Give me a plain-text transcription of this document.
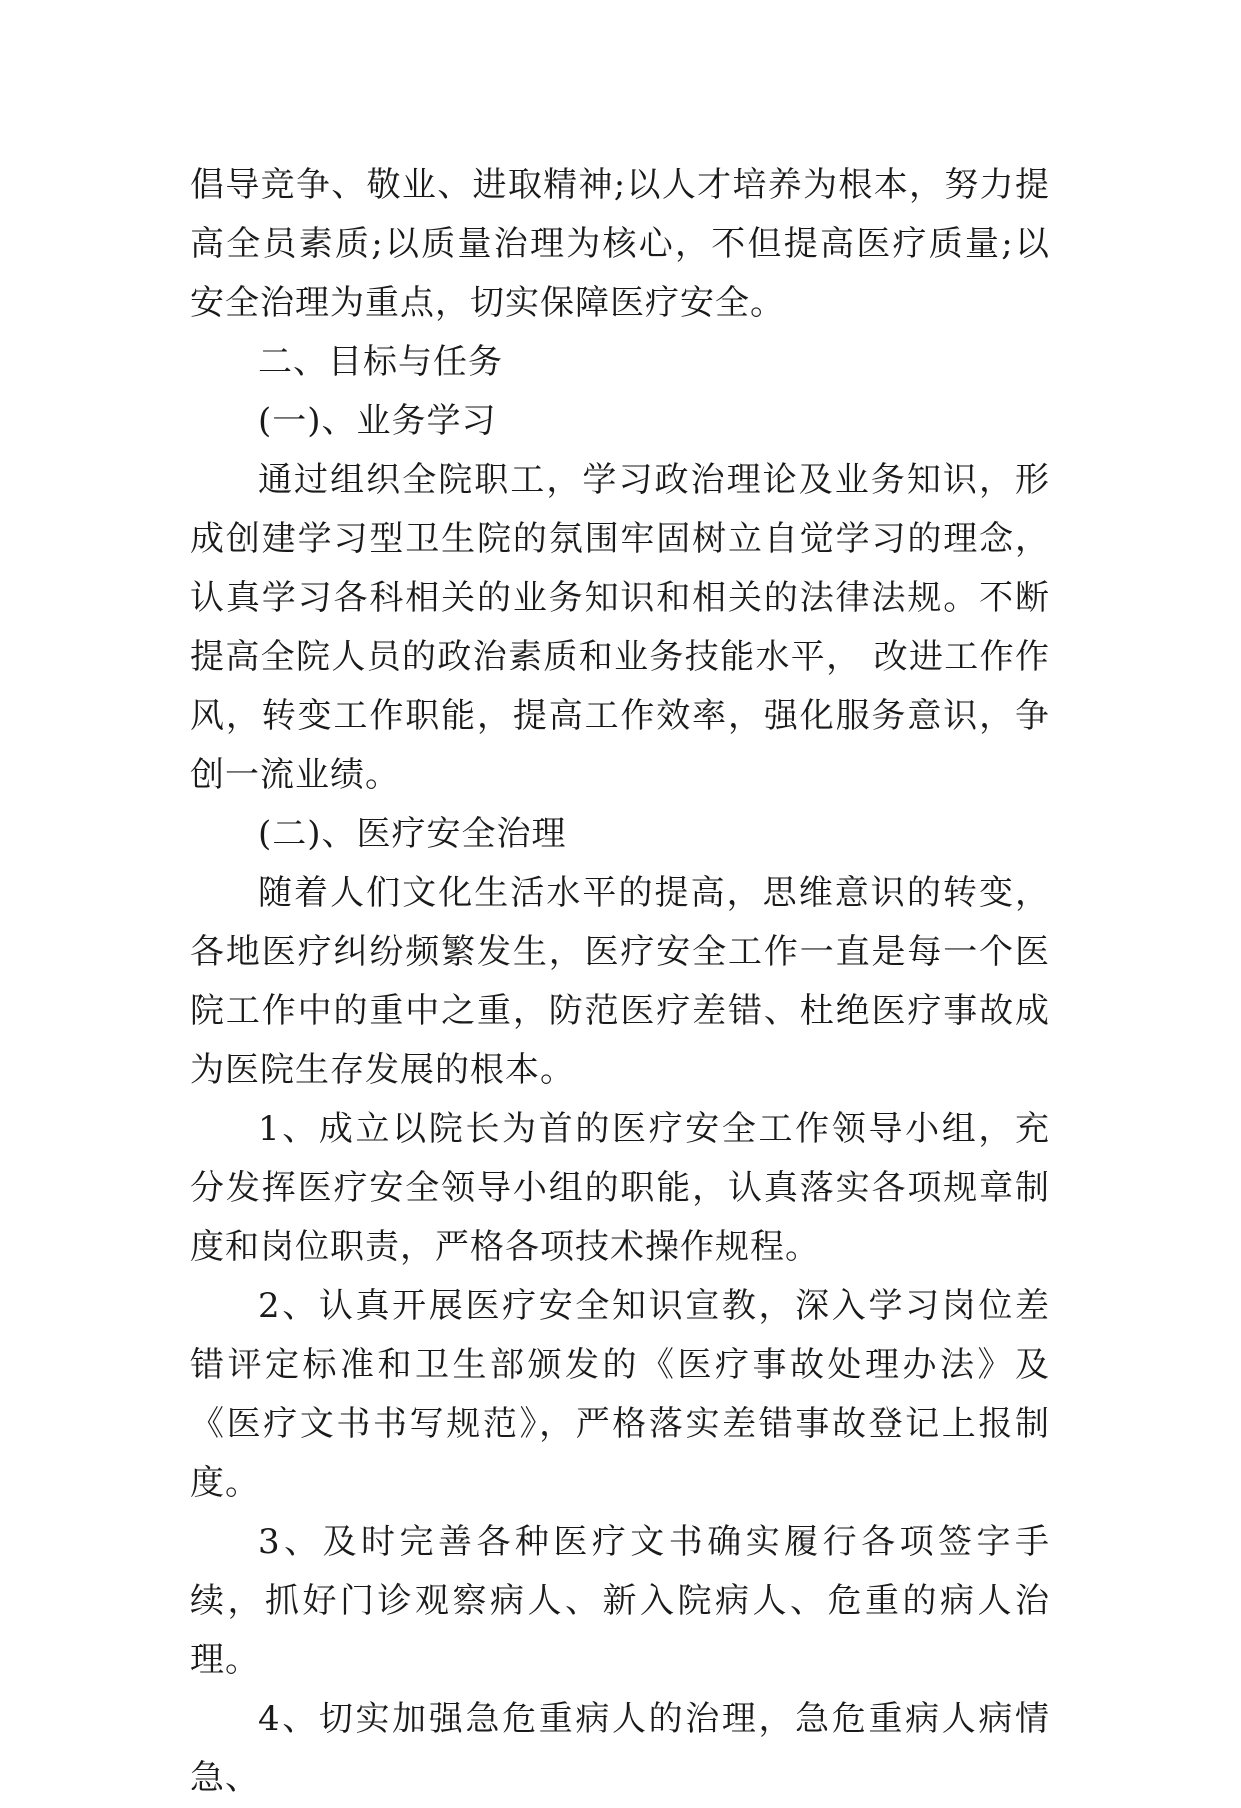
倡导竞争、敬业、进取精神;以人才培养为根本，努力提高全员素质;以质量治理为核心，不但提高医疗质量;以安全治理为重点，切实保障医疗安全。

二、目标与任务

(一)、业务学习

通过组织全院职工，学习政治理论及业务知识，形成创建学习型卫生院的氛围牢固树立自觉学习的理念，认真学习各科相关的业务知识和相关的法律法规。不断提高全院人员的政治素质和业务技能水平， 改进工作作风，转变工作职能，提高工作效率，强化服务意识，争创一流业绩。

(二)、医疗安全治理

随着人们文化生活水平的提高，思维意识的转变，各地医疗纠纷频繁发生，医疗安全工作一直是每一个医院工作中的重中之重，防范医疗差错、杜绝医疗事故成为医院生存发展的根本。

1、成立以院长为首的医疗安全工作领导小组，充分发挥医疗安全领导小组的职能，认真落实各项规章制度和岗位职责，严格各项技术操作规程。

2、认真开展医疗安全知识宣教，深入学习岗位差错评定标准和卫生部颁发的《医疗事故处理办法》及《医疗文书书写规范》，严格落实差错事故登记上报制度。

3、及时完善各种医疗文书确实履行各项签字手续，抓好门诊观察病人、新入院病人、危重的病人治理。

4、切实加强急危重病人的治理，急危重病人病情急、
